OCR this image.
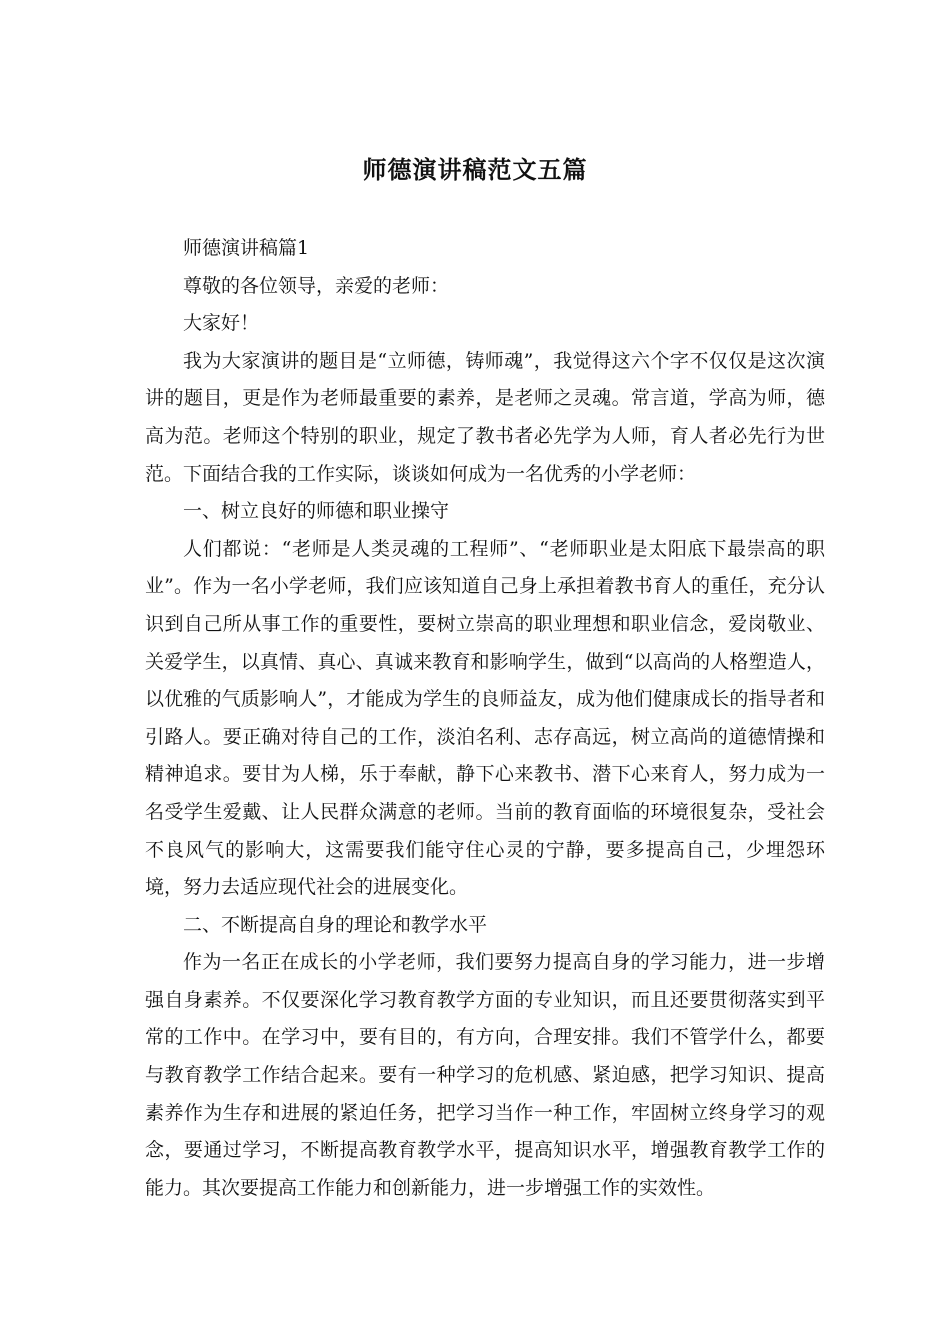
师德演讲稿范文五篇

师德演讲稿篇1

尊敬的各位领导，亲爱的老师：

大家好！

我为大家演讲的题目是“立师德，铸师魂”，我觉得这六个字不仅仅是这次演讲的题目，更是作为老师最重要的素养，是老师之灵魂。常言道，学高为师，德高为范。老师这个特别的职业，规定了教书者必先学为人师，育人者必先行为世范。下面结合我的工作实际，谈谈如何成为一名优秀的小学老师：

一、树立良好的师德和职业操守

人们都说：“老师是人类灵魂的工程师”、“老师职业是太阳底下最崇高的职业”。作为一名小学老师，我们应该知道自己身上承担着教书育人的重任，充分认识到自己所从事工作的重要性，要树立崇高的职业理想和职业信念，爱岗敬业、关爱学生，以真情、真心、真诚来教育和影响学生，做到“以高尚的人格塑造人，以优雅的气质影响人”，才能成为学生的良师益友，成为他们健康成长的指导者和引路人。要正确对待自己的工作，淡泊名利、志存高远，树立高尚的道德情操和精神追求。要甘为人梯，乐于奉献，静下心来教书、潜下心来育人，努力成为一名受学生爱戴、让人民群众满意的老师。当前的教育面临的环境很复杂，受社会不良风气的影响大，这需要我们能守住心灵的宁静，要多提高自己，少埋怨环境，努力去适应现代社会的进展变化。

二、不断提高自身的理论和教学水平

作为一名正在成长的小学老师，我们要努力提高自身的学习能力，进一步增强自身素养。不仅要深化学习教育教学方面的专业知识，而且还要贯彻落实到平常的工作中。在学习中，要有目的，有方向，合理安排。我们不管学什么，都要与教育教学工作结合起来。要有一种学习的危机感、紧迫感，把学习知识、提高素养作为生存和进展的紧迫任务，把学习当作一种工作，牢固树立终身学习的观念，要通过学习，不断提高教育教学水平，提高知识水平，增强教育教学工作的能力。其次要提高工作能力和创新能力，进一步增强工作的实效性。
